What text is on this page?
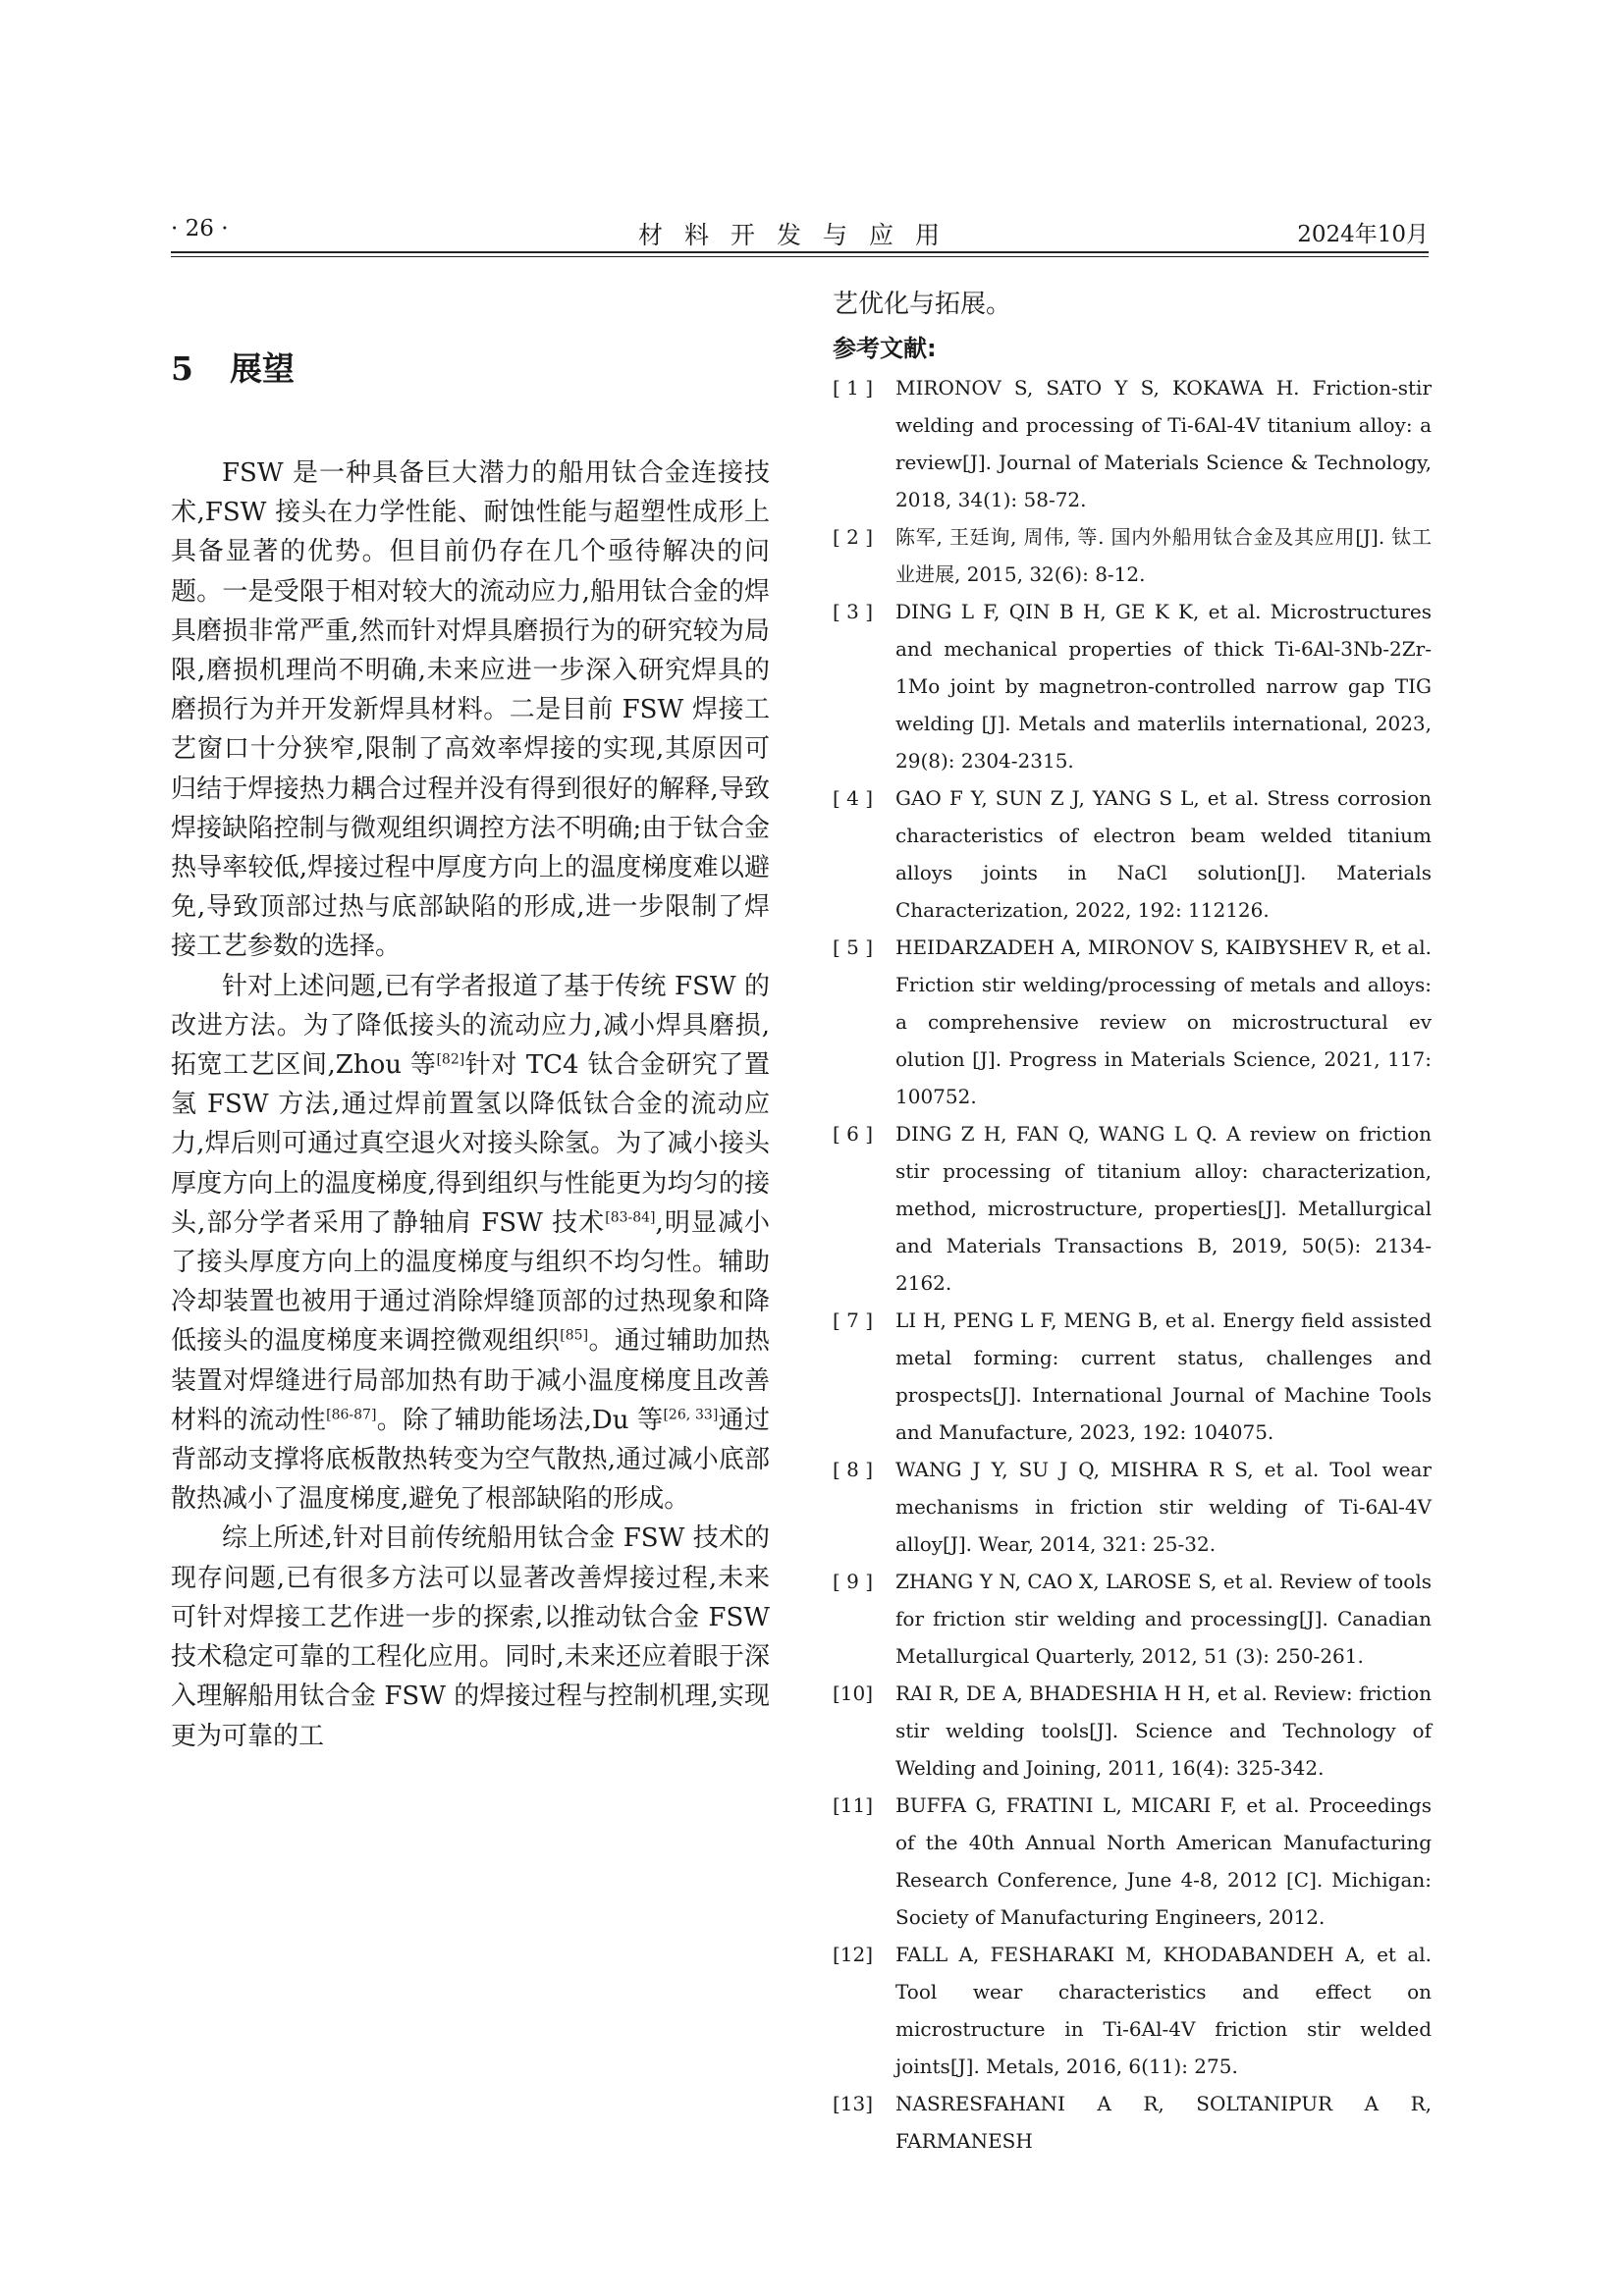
· 26 ·	材料开发与应用	2024年10月
5 展望

FSW 是一种具备巨大潜力的船用钛合金连接技术,FSW 接头在力学性能、耐蚀性能与超塑性成形上具备显著的优势。但目前仍存在几个亟待解决的问题。一是受限于相对较大的流动应力,船用钛合金的焊具磨损非常严重,然而针对焊具磨损行为的研究较为局限,磨损机理尚不明确,未来应进一步深入研究焊具的磨损行为并开发新焊具材料。二是目前 FSW 焊接工艺窗口十分狭窄,限制了高效率焊接的实现,其原因可归结于焊接热力耦合过程并没有得到很好的解释,导致焊接缺陷控制与微观组织调控方法不明确;由于钛合金热导率较低,焊接过程中厚度方向上的温度梯度难以避免,导致顶部过热与底部缺陷的形成,进一步限制了焊接工艺参数的选择。

针对上述问题,已有学者报道了基于传统 FSW 的改进方法。为了降低接头的流动应力,减小焊具磨损,拓宽工艺区间,Zhou 等[82]针对 TC4 钛合金研究了置氢 FSW 方法,通过焊前置氢以降低钛合金的流动应力,焊后则可通过真空退火对接头除氢。为了减小接头厚度方向上的温度梯度,得到组织与性能更为均匀的接头,部分学者采用了静轴肩 FSW 技术[83-84],明显减小了接头厚度方向上的温度梯度与组织不均匀性。辅助冷却装置也被用于通过消除焊缝顶部的过热现象和降低接头的温度梯度来调控微观组织[85]。通过辅助加热装置对焊缝进行局部加热有助于减小温度梯度且改善材料的流动性[86-87]。除了辅助能场法,Du 等[26, 33]通过背部动支撑将底板散热转变为空气散热,通过减小底部散热减小了温度梯度,避免了根部缺陷的形成。

综上所述,针对目前传统船用钛合金 FSW 技术的现存问题,已有很多方法可以显著改善焊接过程,未来可针对焊接工艺作进一步的探索,以推动钛合金 FSW 技术稳定可靠的工程化应用。同时,未来还应着眼于深入理解船用钛合金 FSW 的焊接过程与控制机理,实现更为可靠的工

艺优化与拓展。

参考文献:
[ 1 ]	MIRONOV S, SATO Y S, KOKAWA H. Friction-stir welding and processing of Ti-6Al-4V titanium alloy: a review[J]. Journal of Materials Science & Technology, 2018, 34(1): 58-72.
[ 2 ]	陈军, 王廷询, 周伟, 等. 国内外船用钛合金及其应用[J]. 钛工业进展, 2015, 32(6): 8-12.
[ 3 ]	DING L F, QIN B H, GE K K, et al. Microstructures and mechanical properties of thick Ti-6Al-3Nb-2Zr-1Mo joint by magnetron-controlled narrow gap TIG welding [J]. Metals and materlils international, 2023, 29(8): 2304-2315.
[ 4 ]	GAO F Y, SUN Z J, YANG S L, et al. Stress corrosion characteristics of electron beam welded titanium alloys joints in NaCl solution[J]. Materials Characterization, 2022, 192: 112126.
[ 5 ]	HEIDARZADEH A, MIRONOV S, KAIBYSHEV R, et al. Friction stir welding/processing of metals and alloys: a comprehensive review on microstructural ev olution [J]. Progress in Materials Science, 2021, 117: 100752.
[ 6 ]	DING Z H, FAN Q, WANG L Q. A review on friction stir processing of titanium alloy: characterization, method, microstructure, properties[J]. Metallurgical and Materials Transactions B, 2019, 50(5): 2134-2162.
[ 7 ]	LI H, PENG L F, MENG B, et al. Energy field assisted metal forming: current status, challenges and prospects[J]. International Journal of Machine Tools and Manufacture, 2023, 192: 104075.
[ 8 ]	WANG J Y, SU J Q, MISHRA R S, et al. Tool wear mechanisms in friction stir welding of Ti-6Al-4V alloy[J]. Wear, 2014, 321: 25-32.
[ 9 ]	ZHANG Y N, CAO X, LAROSE S, et al. Review of tools for friction stir welding and processing[J]. Canadian Metallurgical Quarterly, 2012, 51 (3): 250-261.
[10]	RAI R, DE A, BHADESHIA H H, et al. Review: friction stir welding tools[J]. Science and Technology of Welding and Joining, 2011, 16(4): 325-342.
[11]	BUFFA G, FRATINI L, MICARI F, et al. Proceedings of the 40th Annual North American Manufacturing Research Conference, June 4-8, 2012 [C]. Michigan: Society of Manufacturing Engineers, 2012.
[12]	FALL A, FESHARAKI M, KHODABANDEH A, et al. Tool wear characteristics and effect on microstructure in Ti-6Al-4V friction stir welded joints[J]. Metals, 2016, 6(11): 275.
[13]	NASRESFAHANI A R, SOLTANIPUR A R, FARMANESH
